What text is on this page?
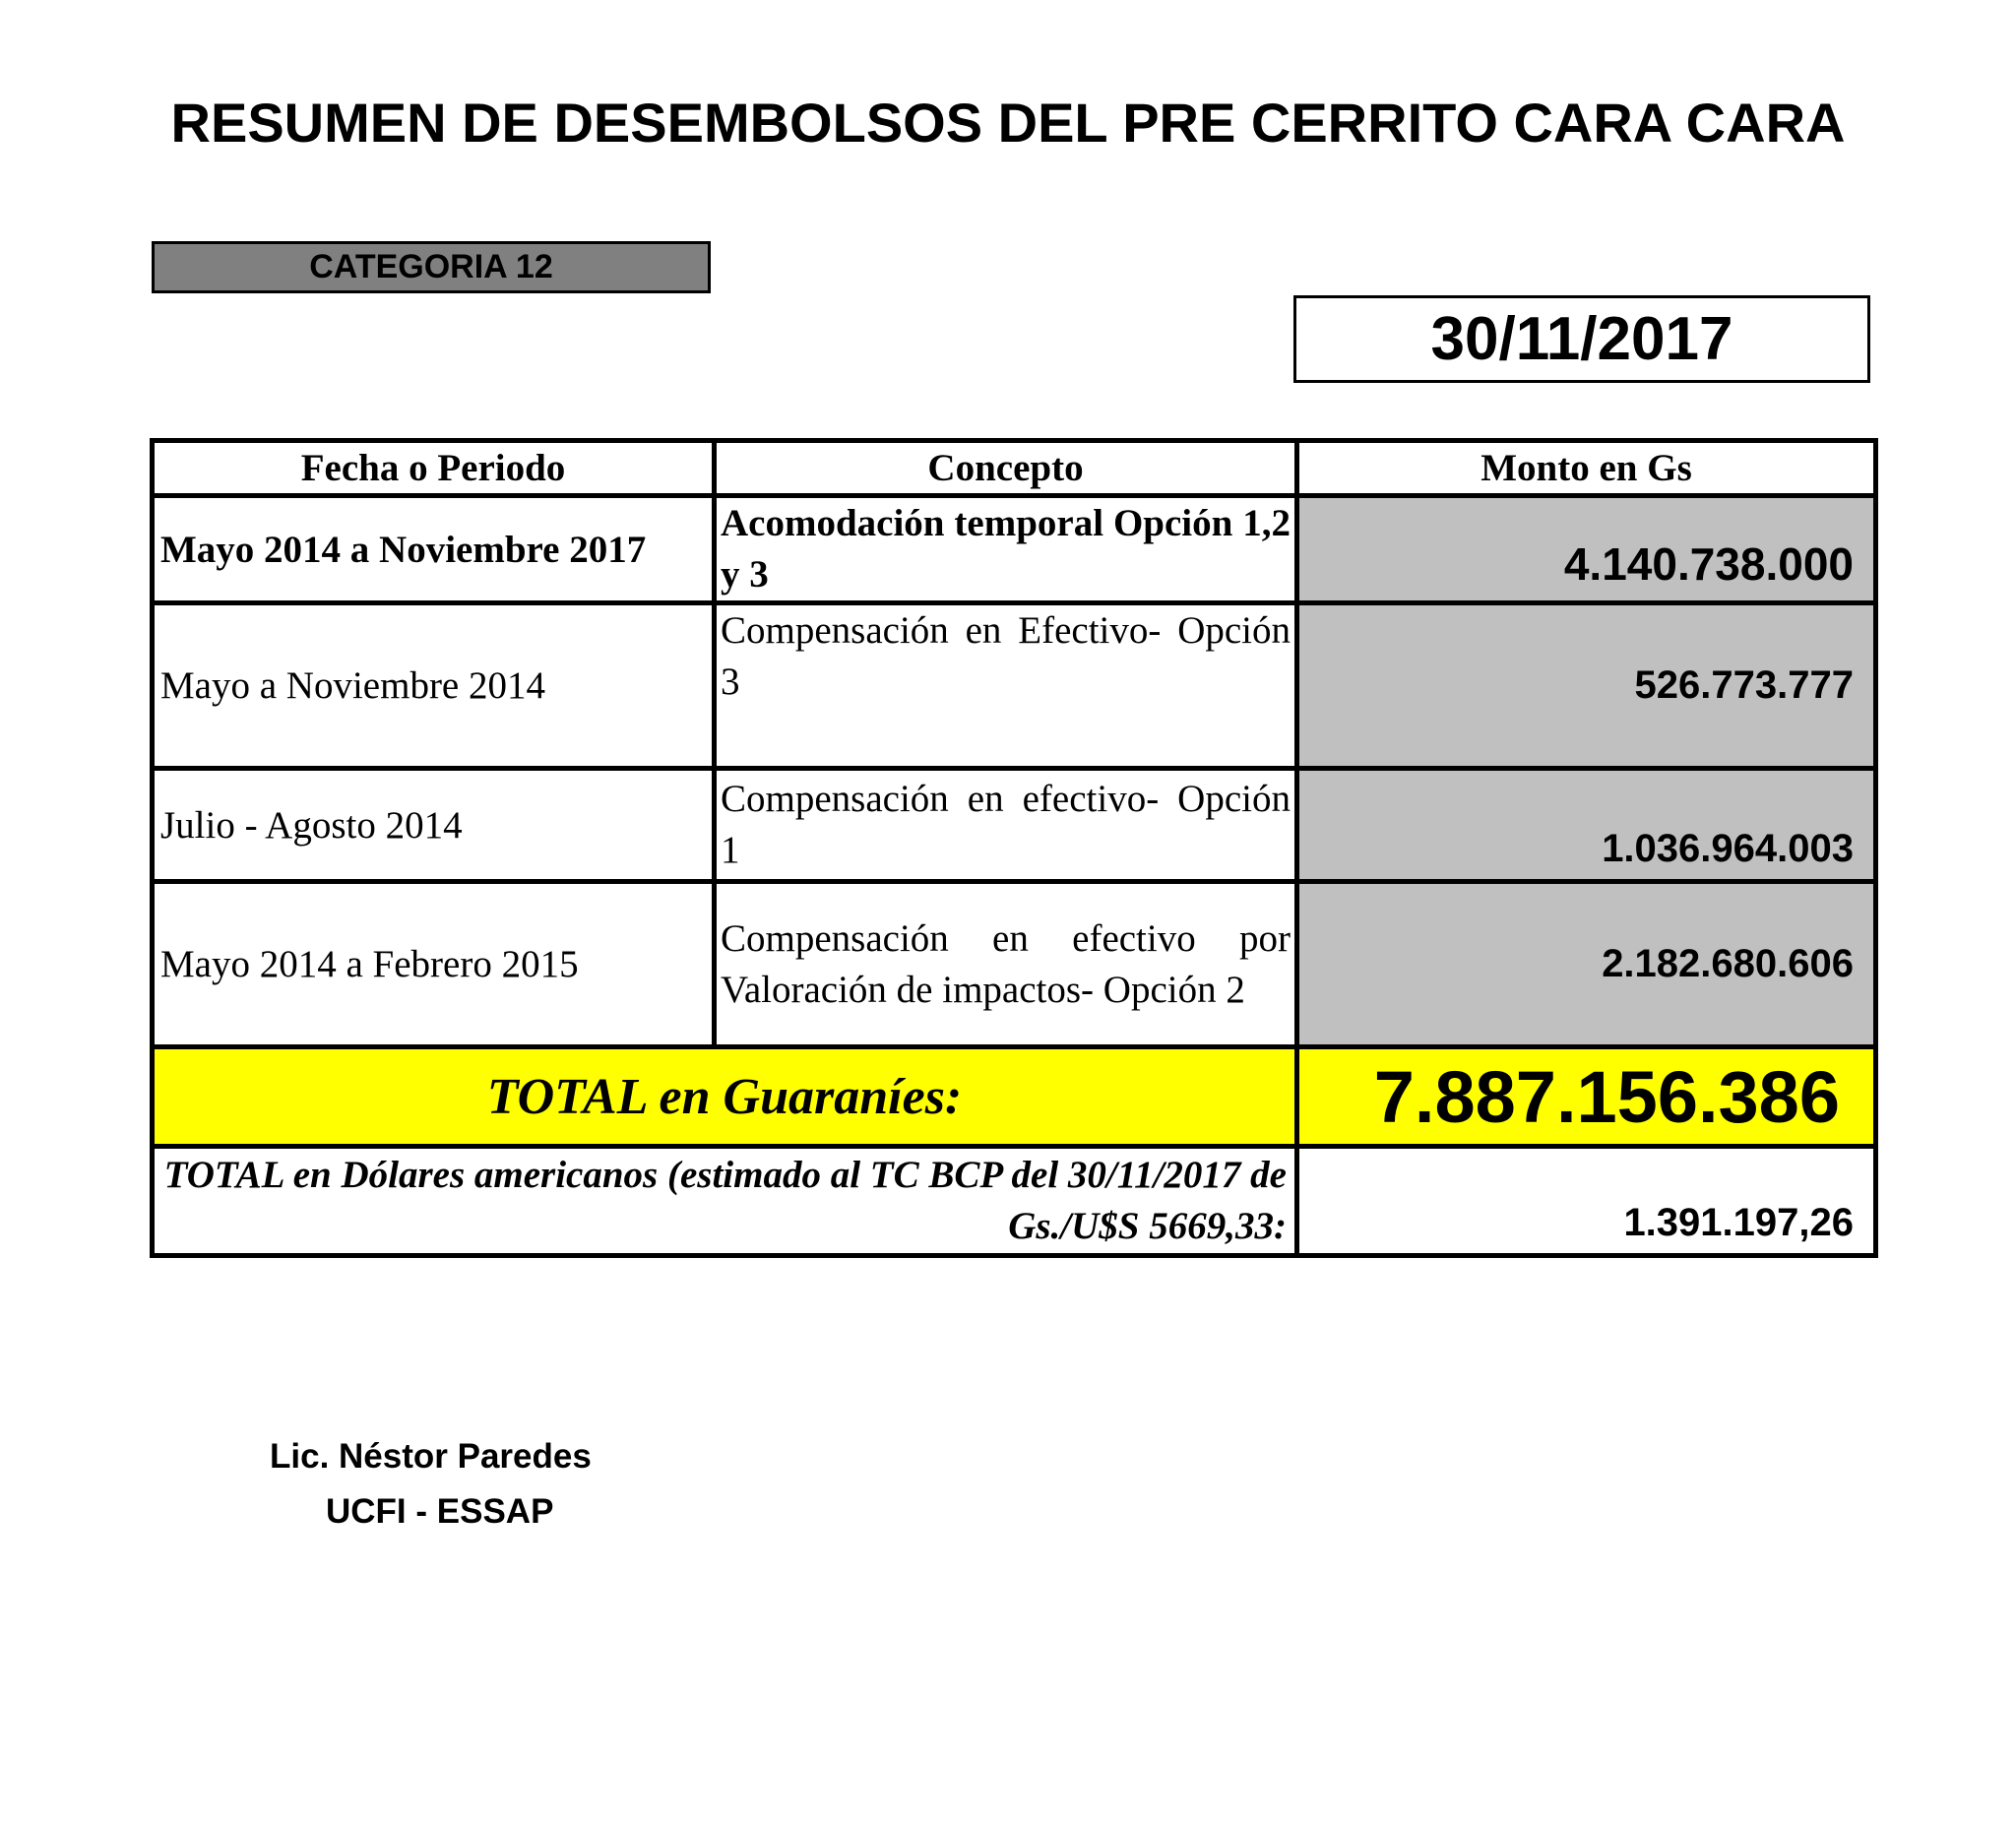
RESUMEN DE DESEMBOLSOS DEL PRE CERRITO CARA CARA
CATEGORIA 12
30/11/2017
Fecha o Periodo	Concepto	Monto en Gs
Mayo 2014 a Noviembre 2017	Acomodación temporal Opción 1,2 y 3	4.140.738.000
Mayo a Noviembre 2014	Compensación en Efectivo- Opción 3	526.773.777
Julio - Agosto 2014	Compensación en efectivo- Opción 1	1.036.964.003
Mayo 2014 a Febrero 2015	Compensación en efectivo por Valoración de impactos- Opción 2	2.182.680.606
TOTAL en Guaraníes:		7.887.156.386
TOTAL en Dólares americanos (estimado al TC BCP del 30/11/2017 de Gs./U$S 5669,33:		1.391.197,26
Lic. Néstor Paredes
UCFI - ESSAP
